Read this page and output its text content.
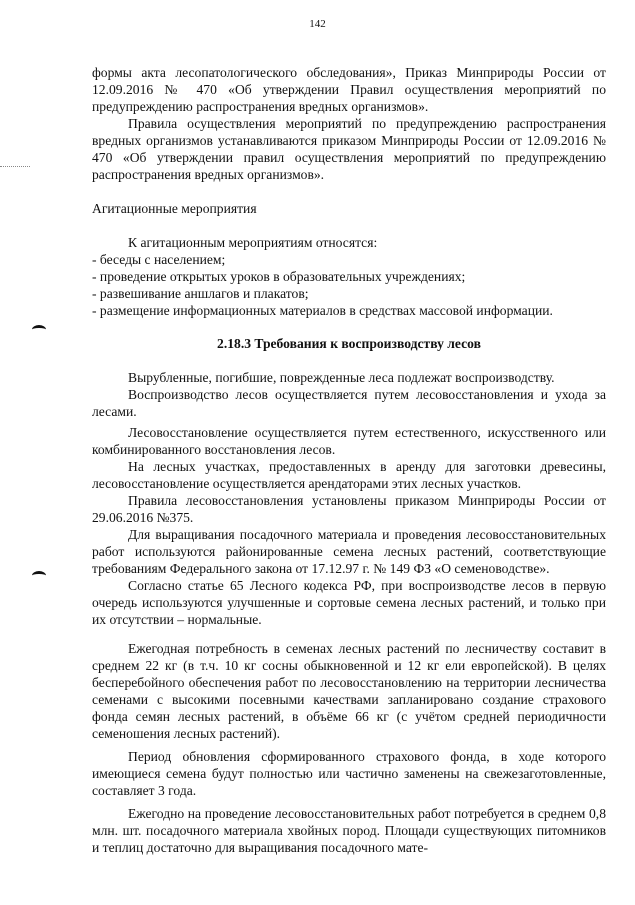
142

формы акта лесопатологического обследования», Приказ Минприроды России от 12.09.2016 № 470 «Об утверждении Правил осуществления мероприятий по предупреждению распространения вредных организмов».

Правила осуществления мероприятий по предупреждению распространения вредных организмов устанавливаются приказом Минприроды России от 12.09.2016 № 470 «Об утверждении правил осуществления мероприятий по предупреждению распространения вредных организмов».

Агитационные мероприятия

К агитационным мероприятиям относятся:

- беседы с населением;

- проведение открытых уроков в образовательных учреждениях;

- развешивание аншлагов и плакатов;

- размещение информационных материалов в средствах массовой информации.

2.18.3 Требования к воспроизводству лесов

Вырубленные, погибшие, поврежденные леса подлежат воспроизводству.

Воспроизводство лесов осуществляется путем лесовосстановления и ухода за лесами.

Лесовосстановление осуществляется путем естественного, искусственного или комбинированного восстановления лесов.

На лесных участках, предоставленных в аренду для заготовки древесины, лесовосстановление осуществляется арендаторами этих лесных участков.

Правила лесовосстановления установлены приказом Минприроды России от 29.06.2016 №375.

Для выращивания посадочного материала и проведения лесовосстановительных работ используются районированные семена лесных растений, соответствующие требованиям Федерального закона от 17.12.97 г. № 149 ФЗ «О семеноводстве».

Согласно статье 65 Лесного кодекса РФ, при воспроизводстве лесов в первую очередь используются улучшенные и сортовые семена лесных растений, и только при их отсутствии – нормальные.

Ежегодная потребность в семенах лесных растений по лесничеству составит в среднем 22 кг (в т.ч. 10 кг сосны обыкновенной и 12 кг ели европейской). В целях бесперебойного обеспечения работ по лесовосстановлению на территории лесничества семенами с высокими посевными качествами запланировано создание страхового фонда семян лесных растений, в объёме 66 кг (с учётом средней периодичности семеношения лесных растений).

Период обновления сформированного страхового фонда, в ходе которого имеющиеся семена будут полностью или частично заменены на свежезаготовленные, составляет 3 года.

Ежегодно на проведение лесовосстановительных работ потребуется в среднем 0,8 млн. шт. посадочного материала хвойных пород. Площади существующих питомников и теплиц достаточно для выращивания посадочного мате-
